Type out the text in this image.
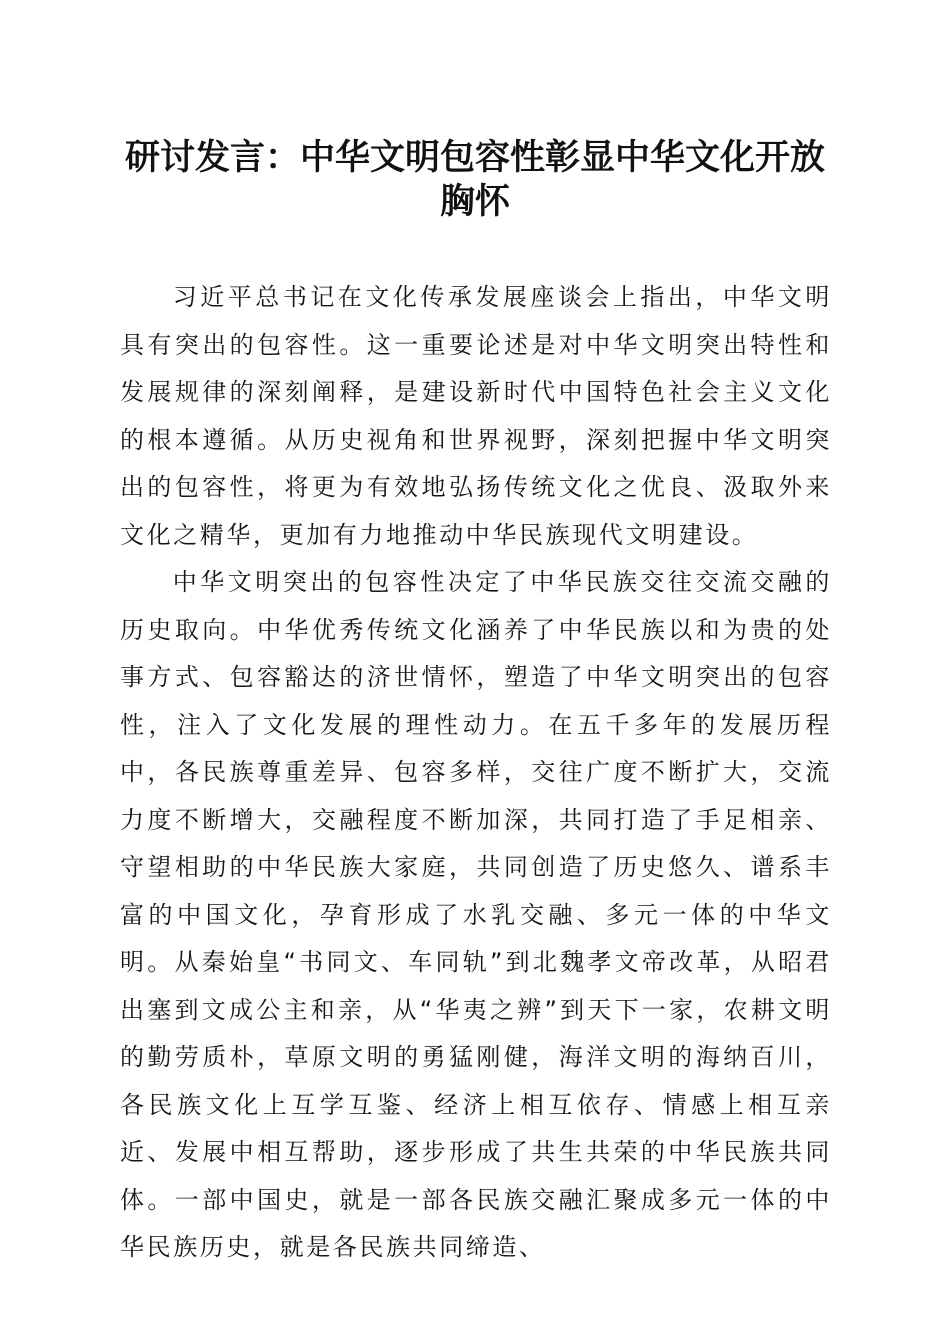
研讨发言：中华文明包容性彰显中华文化开放
胸怀

习近平总书记在文化传承发展座谈会上指出，中华文明具有突出的包容性。这一重要论述是对中华文明突出特性和发展规律的深刻阐释，是建设新时代中国特色社会主义文化的根本遵循。从历史视角和世界视野，深刻把握中华文明突出的包容性，将更为有效地弘扬传统文化之优良、汲取外来文化之精华，更加有力地推动中华民族现代文明建设。

中华文明突出的包容性决定了中华民族交往交流交融的历史取向。中华优秀传统文化涵养了中华民族以和为贵的处事方式、包容豁达的济世情怀，塑造了中华文明突出的包容性，注入了文化发展的理性动力。在五千多年的发展历程中，各民族尊重差异、包容多样，交往广度不断扩大，交流力度不断增大，交融程度不断加深，共同打造了手足相亲、守望相助的中华民族大家庭，共同创造了历史悠久、谱系丰富的中国文化，孕育形成了水乳交融、多元一体的中华文明。从秦始皇“书同文、车同轨”到北魏孝文帝改革，从昭君出塞到文成公主和亲，从“华夷之辨”到天下一家，农耕文明的勤劳质朴，草原文明的勇猛刚健，海洋文明的海纳百川，各民族文化上互学互鉴、经济上相互依存、情感上相互亲近、发展中相互帮助，逐步形成了共生共荣的中华民族共同体。一部中国史，就是一部各民族交融汇聚成多元一体的中华民族历史，就是各民族共同缔造、
